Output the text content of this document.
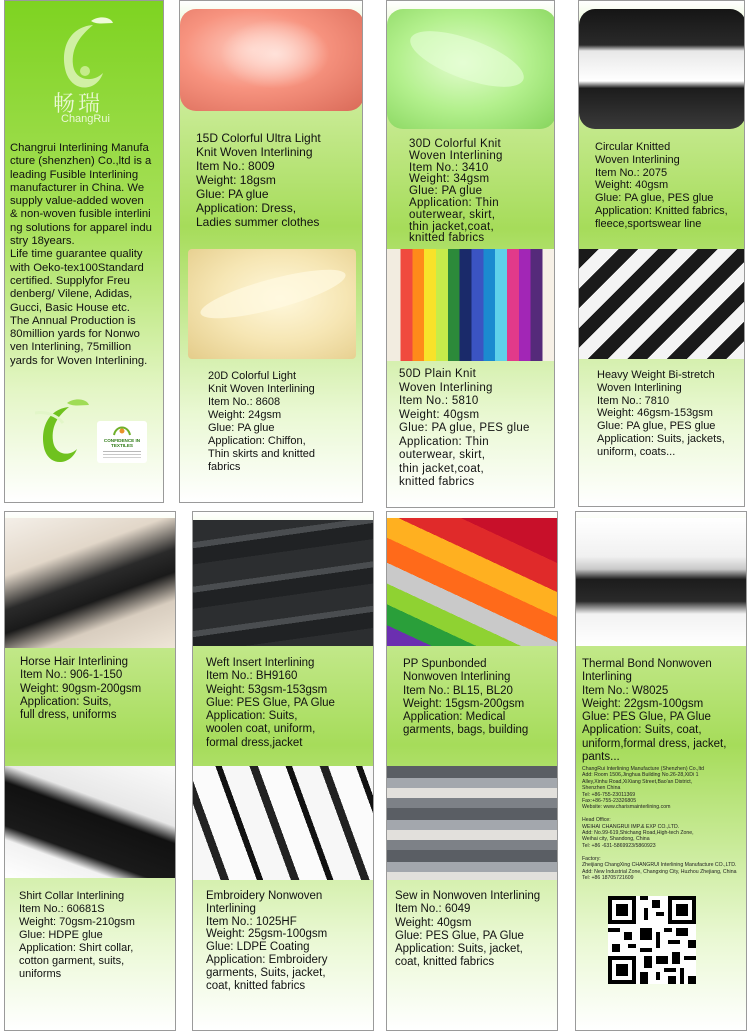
畅瑞
ChangRui
Changrui Interlining Manufa
cture (shenzhen) Co.,ltd is a
leading Fusible Interlining
manufacturer in China. We
supply value-added woven
& non-woven fusible interlini
ng solutions for apparel indu
stry 18years.
Life time guarantee quality
with Oeko-tex100Standard
certified. Supplyfor Freu
denberg/ Vilene, Adidas,
Gucci, Basic House etc.
The Annual Production is
80million yards for Nonwo
ven Interlining, 75million
yards for Woven Interlining.
CONFIDENCE IN TEXTILES
15D Colorful Ultra Light
Knit Woven Interlining
Item No.: 8009
Weight: 18gsm
Glue: PA glue
Application: Dress,
Ladies summer clothes
20D Colorful Light
Knit Woven Interlining
Item No.: 8608
Weight: 24gsm
Glue: PA glue
Application: Chiffon,
Thin skirts and knitted
fabrics
30D Colorful Knit
Woven Interlining
Item No.: 3410
Weight: 34gsm
Glue: PA glue
Application: Thin
outerwear, skirt,
thin jacket,coat,
knitted fabrics
50D Plain Knit
Woven Interlining
Item No.: 5810
Weight: 40gsm
Glue: PA glue, PES glue
Application: Thin
outerwear, skirt,
thin jacket,coat,
knitted fabrics
Circular Knitted
Woven Interlining
Item No.: 2075
Weight: 40gsm
Glue: PA glue, PES glue
Application: Knitted fabrics,
fleece,sportswear line
Heavy Weight Bi-stretch
Woven Interlining
Item No.: 7810
Weight: 46gsm-153gsm
Glue: PA glue, PES glue
Application: Suits, jackets,
uniform, coats...
Horse Hair Interlining
Item No.: 906-1-150
Weight: 90gsm-200gsm
Application: Suits,
full dress, uniforms
Shirt Collar Interlining
Item No.: 60681S
Weight: 70gsm-210gsm
Glue: HDPE glue
Application: Shirt collar,
cotton garment, suits,
uniforms
Weft Insert Interlining
Item No.: BH9160
Weight: 53gsm-153gsm
Glue: PES Glue, PA Glue
Application: Suits,
woolen coat, uniform,
formal dress,jacket
Embroidery Nonwoven
Interlining
Item No.: 1025HF
Weight: 25gsm-100gsm
Glue: LDPE Coating
Application: Embroidery
garments, Suits, jacket,
coat, knitted fabrics
PP Spunbonded
Nonwoven Interlining
Item No.: BL15, BL20
Weight: 15gsm-200gsm
Application: Medical
garments, bags, building
Sew in Nonwoven Interlining
Item No.: 6049
Weight: 40gsm
Glue: PES Glue, PA Glue
Application: Suits, jacket,
coat, knitted fabrics
Thermal Bond Nonwoven
Interlining
Item No.: W8025
Weight: 22gsm-100gsm
Glue: PES Glue, PA Glue
Application: Suits, coat,
uniform,formal dress, jacket,
pants...
ChangRui Interlining Manufacture (Shenzhen) Co.,ltd
Add: Room 1506,Jinghua Building No.26-28,XiDi 1
Alley,Xinhu Road,XiXiang Street,Bao'an District,
Shenzhen China
Tel: +86-755-23011369
Fax:+86-755-23326805
Website: www.charismainterlining.com

Head Office:
WEIHAI CHANGRUI IMP.& EXP CO.,LTD.
Add: No.99-619,Shichang Road,High-tech Zone,
Weihai city, Shandong, China
Tel: +86 -631-5869923/5860923

Factory:
Zheijiang ChangXing CHANGRUI Interlining Manufacture CO.,LTD.
Add: New Industrial Zone, Changxing City, Huzhou Zhejiang, China
Tel: +86 18705721609
